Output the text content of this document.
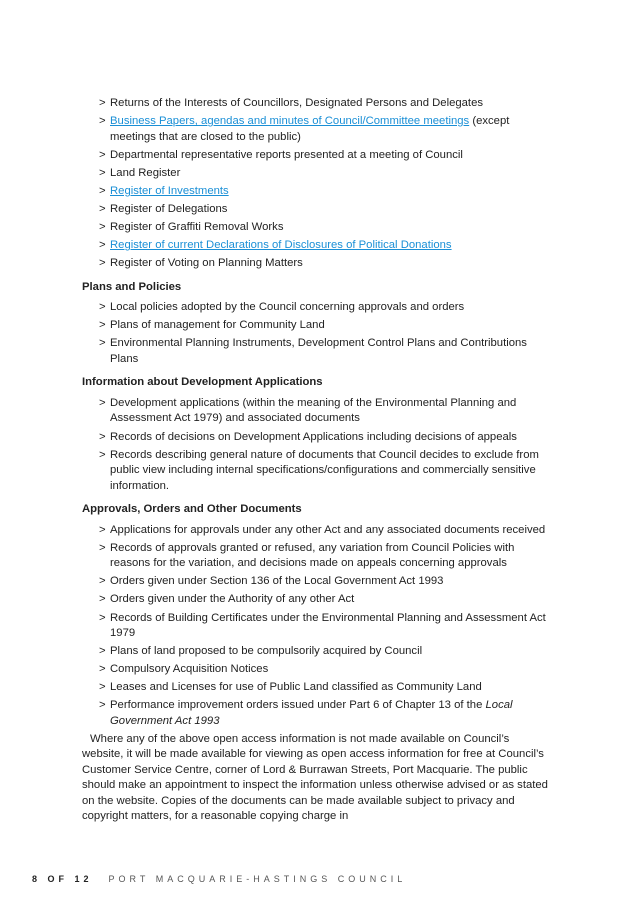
> Returns of the Interests of Councillors, Designated Persons and Delegates
> Business Papers, agendas and minutes of Council/Committee meetings (except meetings that are closed to the public)
> Departmental representative reports presented at a meeting of Council
> Land Register
> Register of Investments
> Register of Delegations
> Register of Graffiti Removal Works
> Register of current Declarations of Disclosures of Political Donations
> Register of Voting on Planning Matters
Plans and Policies
> Local policies adopted by the Council concerning approvals and orders
> Plans of management for Community Land
> Environmental Planning Instruments, Development Control Plans and Contributions Plans
Information about Development Applications
> Development applications (within the meaning of the Environmental Planning and Assessment Act 1979) and associated documents
> Records of decisions on Development Applications including decisions of appeals
> Records describing general nature of documents that Council decides to exclude from public view including internal specifications/configurations and commercially sensitive information.
Approvals, Orders and Other Documents
> Applications for approvals under any other Act and any associated documents received
> Records of approvals granted or refused, any variation from Council Policies with reasons for the variation, and decisions made on appeals concerning approvals
> Orders given under Section 136 of the Local Government Act 1993
> Orders given under the Authority of any other Act
> Records of Building Certificates under the Environmental Planning and Assessment Act 1979
> Plans of land proposed to be compulsorily acquired by Council
> Compulsory Acquisition Notices
> Leases and Licenses for use of Public Land classified as Community Land
> Performance improvement orders issued under Part 6 of Chapter 13 of the Local Government Act 1993

Where any of the above open access information is not made available on Council’s website, it will be made available for viewing as open access information for free at Council’s Customer Service Centre, corner of Lord & Burrawan Streets, Port Macquarie. The public should make an appointment to inspect the information unless otherwise advised or as stated on the website. Copies of the documents can be made available subject to privacy and copyright matters, for a reasonable copying charge in

8 OF 12 PORT MACQUARIE-HASTINGS COUNCIL
